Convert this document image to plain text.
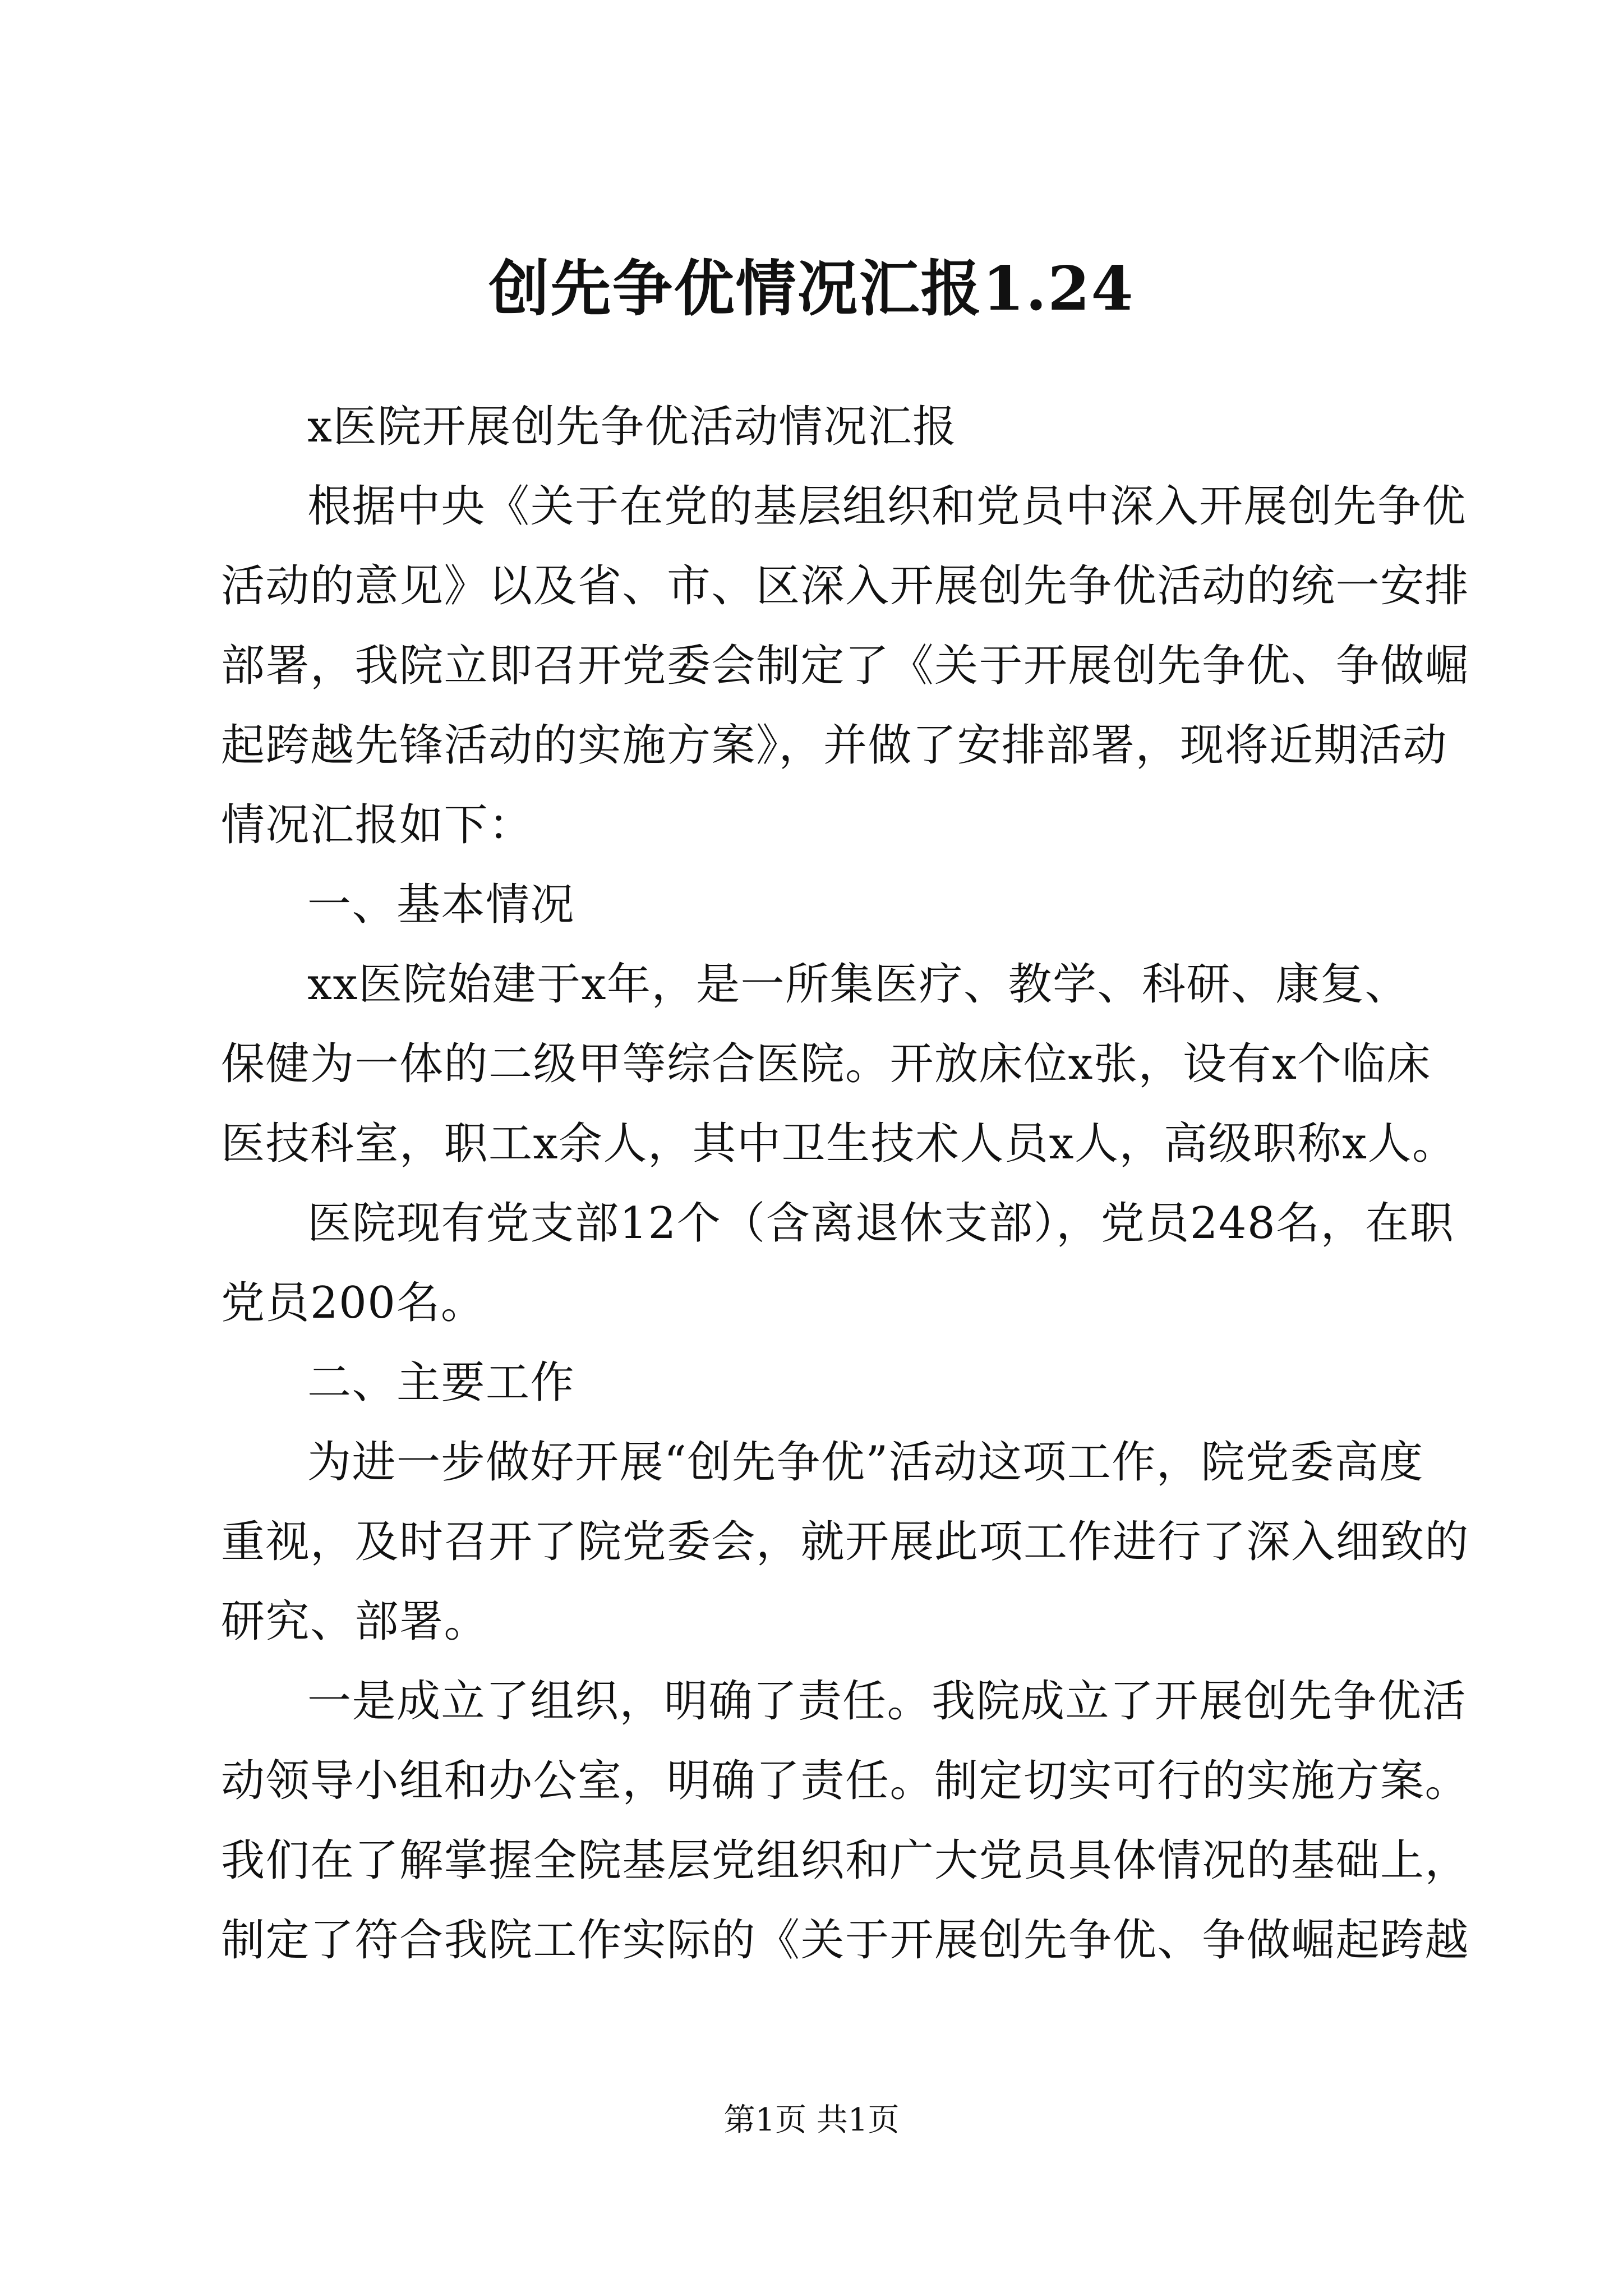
创先争优情况汇报1.24
x医院开展创先争优活动情况汇报
根据中央《关于在党的基层组织和党员中深入开展创先争优
活动的意见》以及省、市、区深入开展创先争优活动的统一安排
部署，我院立即召开党委会制定了《关于开展创先争优、争做崛
起跨越先锋活动的实施方案》，并做了安排部署，现将近期活动
情况汇报如下：
一、基本情况
xx医院始建于x年，是一所集医疗、教学、科研、康复、
保健为一体的二级甲等综合医院。开放床位x张，设有x个临床
医技科室，职工x余人，其中卫生技术人员x人，高级职称x人。
医院现有党支部12个（含离退休支部），党员248名，在职
党员200名。
二、主要工作
为进一步做好开展“创先争优”活动这项工作，院党委高度
重视，及时召开了院党委会，就开展此项工作进行了深入细致的
研究、部署。
一是成立了组织，明确了责任。我院成立了开展创先争优活
动领导小组和办公室，明确了责任。制定切实可行的实施方案。
我们在了解掌握全院基层党组织和广大党员具体情况的基础上，
制定了符合我院工作实际的《关于开展创先争优、争做崛起跨越
第1页 共1页
